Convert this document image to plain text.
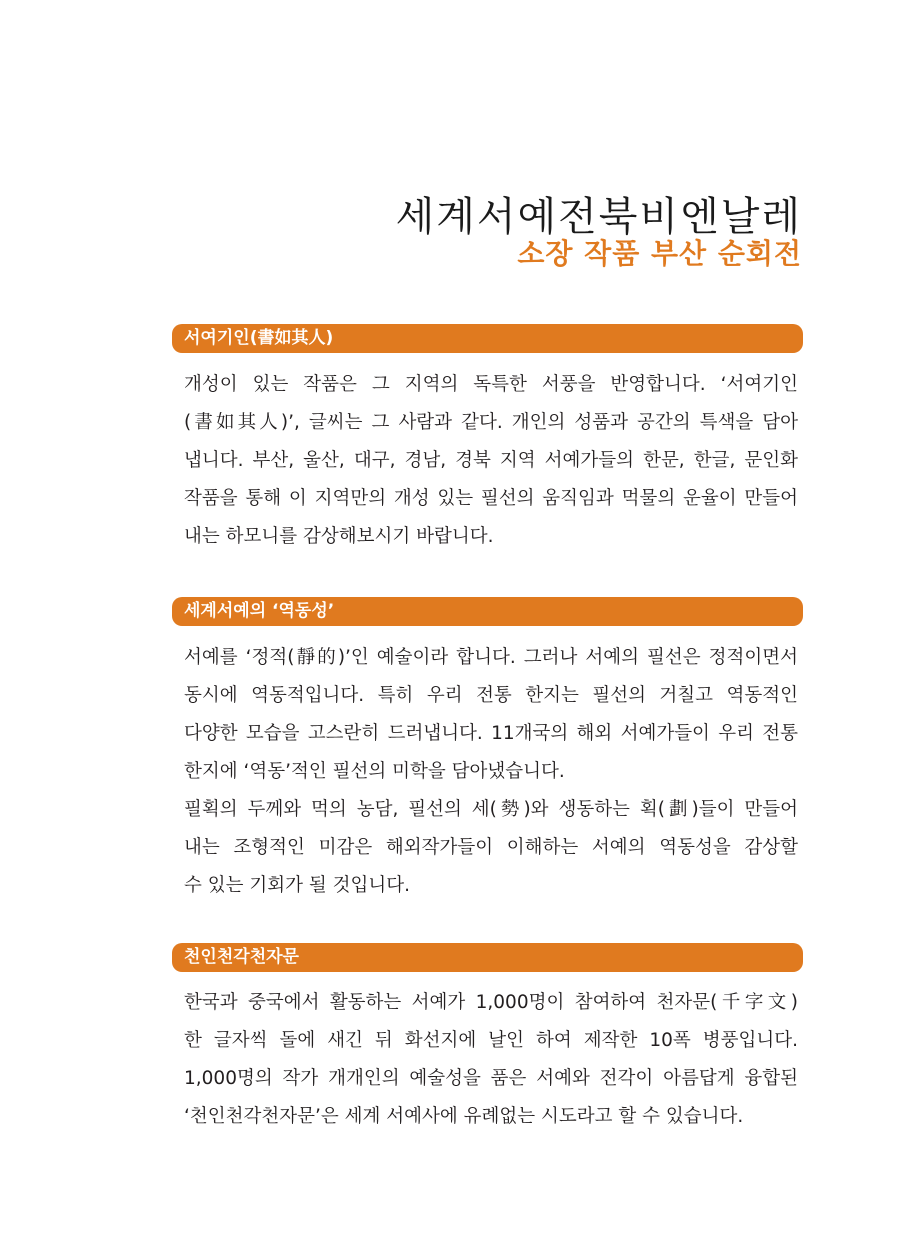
세계서예전북비엔날레
소장 작품 부산 순회전
서여기인(書如其人)
개성이 있는 작품은 그 지역의 독특한 서풍을 반영합니다. ‘서여기인
(書如其人)’, 글씨는 그 사람과 같다. 개인의 성품과 공간의 특색을 담아
냅니다. 부산, 울산, 대구, 경남, 경북 지역 서예가들의 한문, 한글, 문인화
작품을 통해 이 지역만의 개성 있는 필선의 움직임과 먹물의 운율이 만들어
내는 하모니를 감상해보시기 바랍니다.
세계서예의 ‘역동성’
서예를 ‘정적(靜的)’인 예술이라 합니다. 그러나 서예의 필선은 정적이면서
동시에 역동적입니다. 특히 우리 전통 한지는 필선의 거칠고 역동적인
다양한 모습을 고스란히 드러냅니다. 11개국의 해외 서예가들이 우리 전통
한지에 ‘역동’적인 필선의 미학을 담아냈습니다.
필획의 두께와 먹의 농담, 필선의 세(勢)와 생동하는 획(劃)들이 만들어
내는 조형적인 미감은 해외작가들이 이해하는 서예의 역동성을 감상할
수 있는 기회가 될 것입니다.
천인천각천자문
한국과 중국에서 활동하는 서예가 1,000명이 참여하여 천자문(千字文)
한 글자씩 돌에 새긴 뒤 화선지에 날인 하여 제작한 10폭 병풍입니다.
1,000명의 작가 개개인의 예술성을 품은 서예와 전각이 아름답게 융합된
‘천인천각천자문’은 세계 서예사에 유례없는 시도라고 할 수 있습니다.
